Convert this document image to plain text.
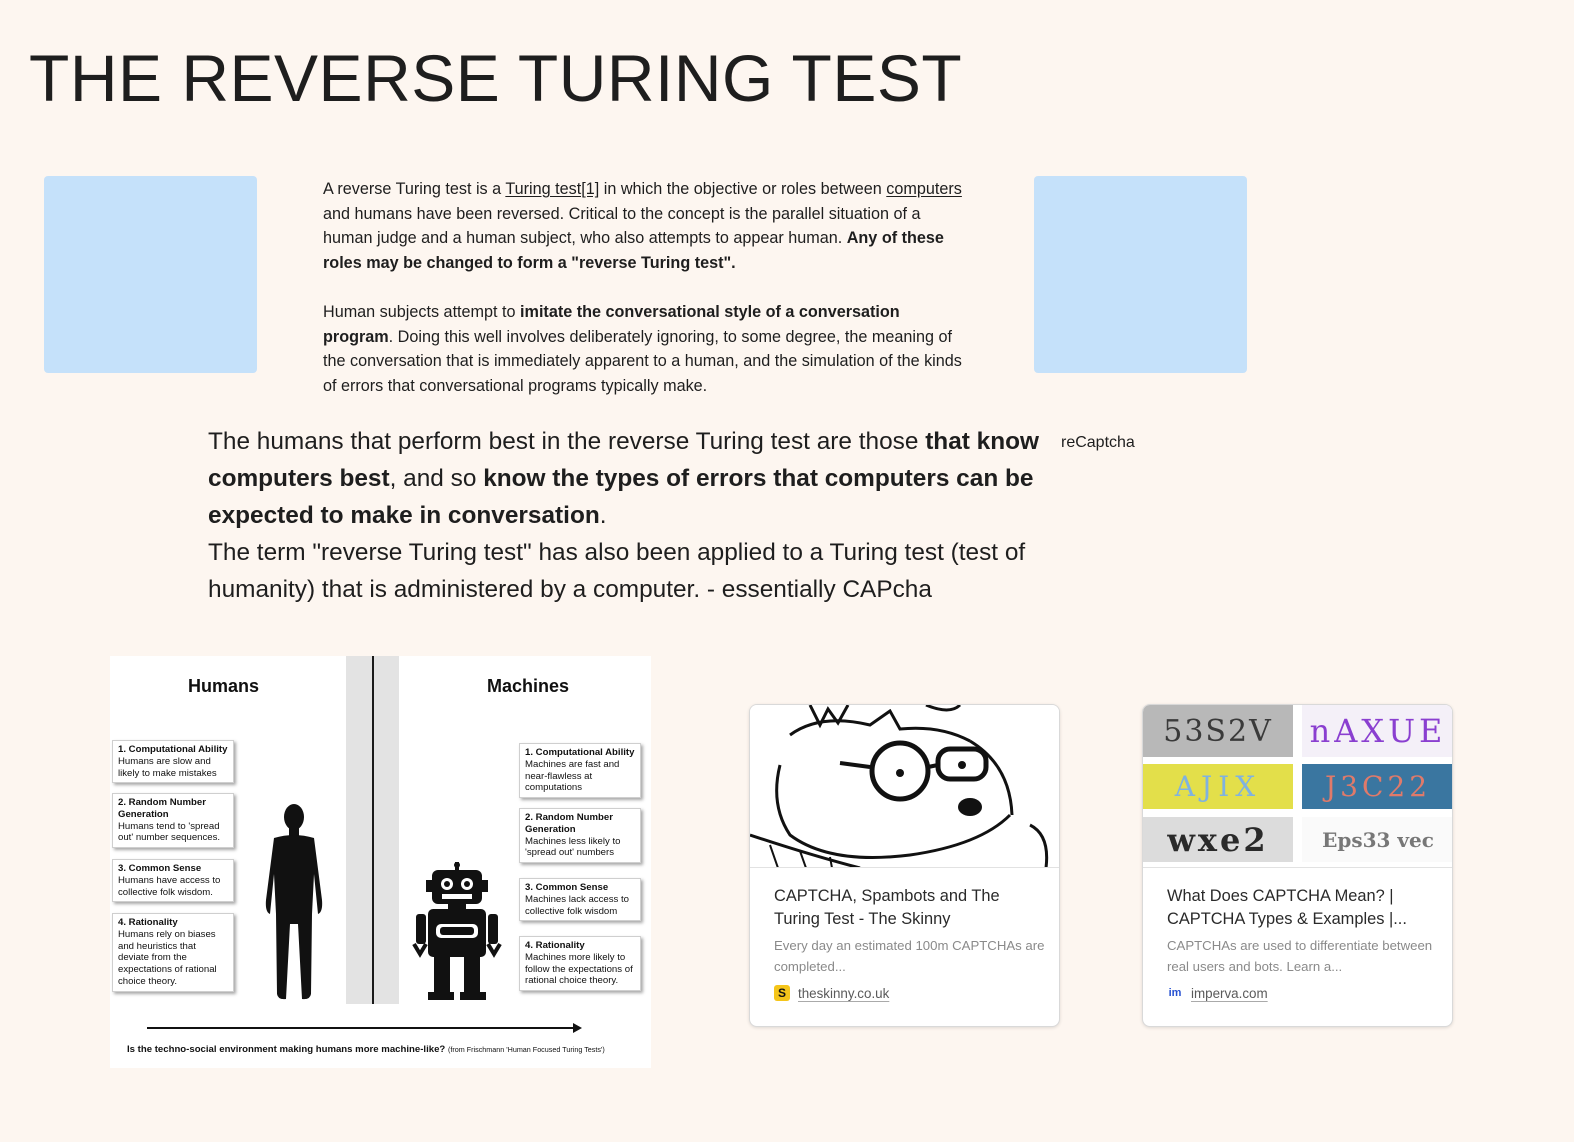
THE REVERSE TURING TEST

A reverse Turing test is a Turing test[1] in which the objective or roles between computers and humans have been reversed. Critical to the concept is the parallel situation of a human judge and a human subject, who also attempts to appear human. Any of these roles may be changed to form a "reverse Turing test".

Human subjects attempt to imitate the conversational style of a conversation program. Doing this well involves deliberately ignoring, to some degree, the meaning of the conversation that is immediately apparent to a human, and the simulation of the kinds of errors that conversational programs typically make.

The humans that perform best in the reverse Turing test are those that know computers best, and so know the types of errors that computers can be expected to make in conversation.
The term "reverse Turing test" has also been applied to a Turing test (test of humanity) that is administered by a computer. - essentially CAPcha
reCaptcha
Humans	Machines
1. Computational Ability
Humans are slow and likely to make mistakes
2. Random Number Generation
Humans tend to 'spread out' number sequences.
3. Common Sense
Humans have access to collective folk wisdom.
4. Rationality
Humans rely on biases and heuristics that deviate from the expectations of rational choice theory.
1. Computational Ability
Machines are fast and near-flawless at computations
2. Random Number Generation
Machines less likely to 'spread out' numbers
3. Common Sense
Machines lack access to collective folk wisdom
4. Rationality
Machines more likely to follow the expectations of rational choice theory.
Is the techno-social environment making humans more machine-like? (from Frischmann 'Human Focused Turing Tests')
CAPTCHA, Spambots and The Turing Test - The Skinny
Every day an estimated 100m CAPTCHAs are completed...
S theskinny.co.uk
53S2V	nAXUE
AJIX	J3C22
wxe2	Eps33 vec
What Does CAPTCHA Mean? | CAPTCHA Types & Examples |...
CAPTCHAs are used to differentiate between real users and bots. Learn a...
im imperva.com
